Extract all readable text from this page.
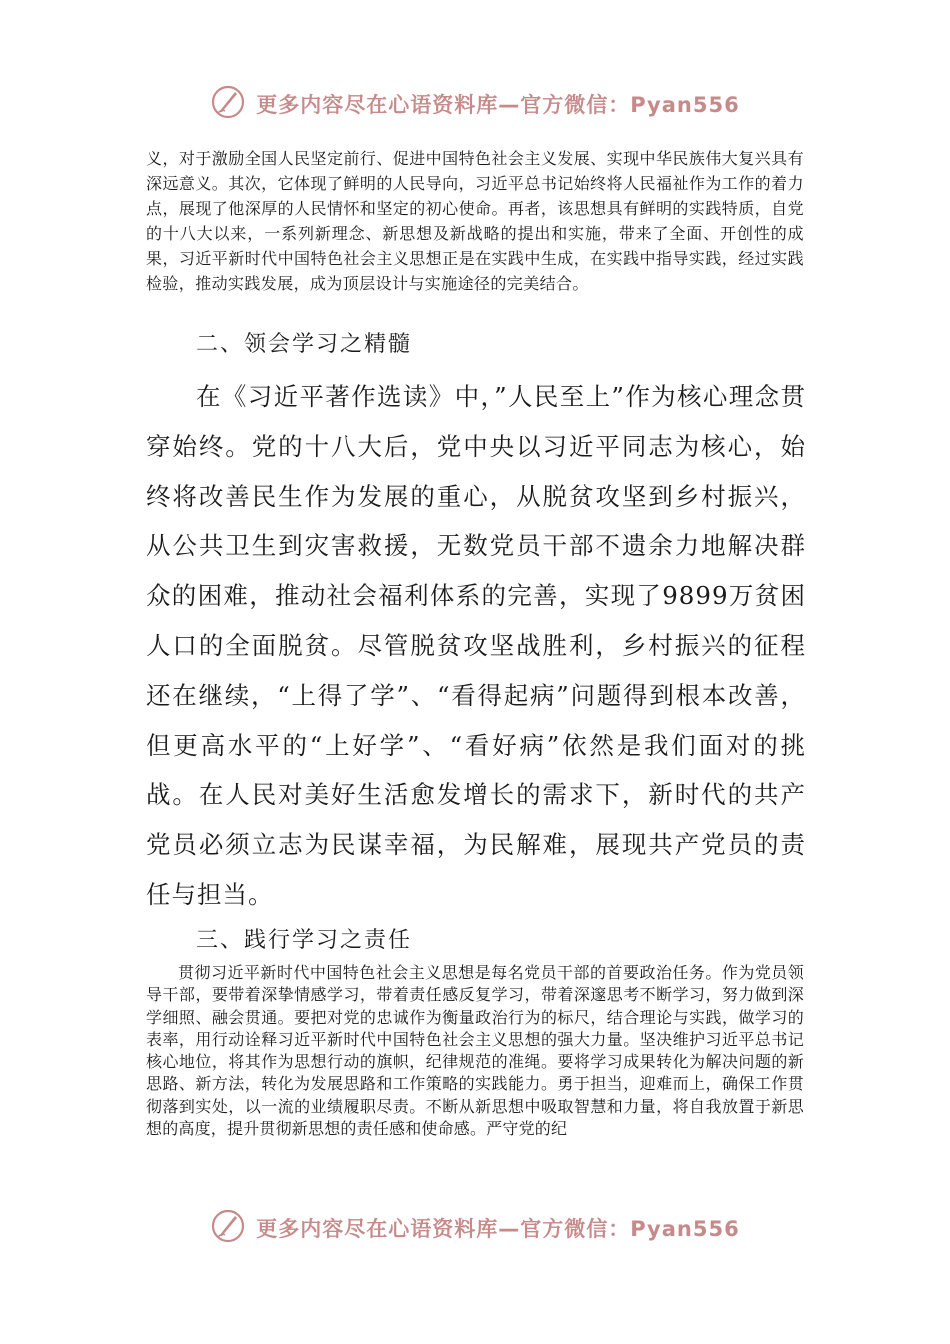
更多内容尽在心语资料库—官方微信：Pyan556

义，对于激励全国人民坚定前行、促进中国特色社会主义发展、实现中华民族伟大复兴具有深远意义。其次，它体现了鲜明的人民导向，习近平总书记始终将人民福祉作为工作的着力点，展现了他深厚的人民情怀和坚定的初心使命。再者，该思想具有鲜明的实践特质，自党的十八大以来，一系列新理念、新思想及新战略的提出和实施，带来了全面、开创性的成果，习近平新时代中国特色社会主义思想正是在实践中生成，在实践中指导实践，经过实践检验，推动实践发展，成为顶层设计与实施途径的完美结合。

二、领会学习之精髓

在《习近平著作选读》中，”人民至上”作为核心理念贯穿始终。党的十八大后，党中央以习近平同志为核心，始终将改善民生作为发展的重心，从脱贫攻坚到乡村振兴，从公共卫生到灾害救援，无数党员干部不遗余力地解决群众的困难，推动社会福利体系的完善，实现了9899万贫困人口的全面脱贫。尽管脱贫攻坚战胜利，乡村振兴的征程还在继续，“上得了学”、“看得起病”问题得到根本改善，但更高水平的“上好学”、“看好病”依然是我们面对的挑战。在人民对美好生活愈发增长的需求下，新时代的共产党员必须立志为民谋幸福，为民解难，展现共产党员的责任与担当。

三、践行学习之责任

贯彻习近平新时代中国特色社会主义思想是每名党员干部的首要政治任务。作为党员领导干部，要带着深挚情感学习，带着责任感反复学习，带着深邃思考不断学习，努力做到深学细照、融会贯通。要把对党的忠诚作为衡量政治行为的标尺，结合理论与实践，做学习的表率，用行动诠释习近平新时代中国特色社会主义思想的强大力量。坚决维护习近平总书记核心地位，将其作为思想行动的旗帜，纪律规范的准绳。要将学习成果转化为解决问题的新思路、新方法，转化为发展思路和工作策略的实践能力。勇于担当，迎难而上，确保工作贯彻落到实处，以一流的业绩履职尽责。不断从新思想中吸取智慧和力量，将自我放置于新思想的高度，提升贯彻新思想的责任感和使命感。严守党的纪

更多内容尽在心语资料库—官方微信：Pyan556
